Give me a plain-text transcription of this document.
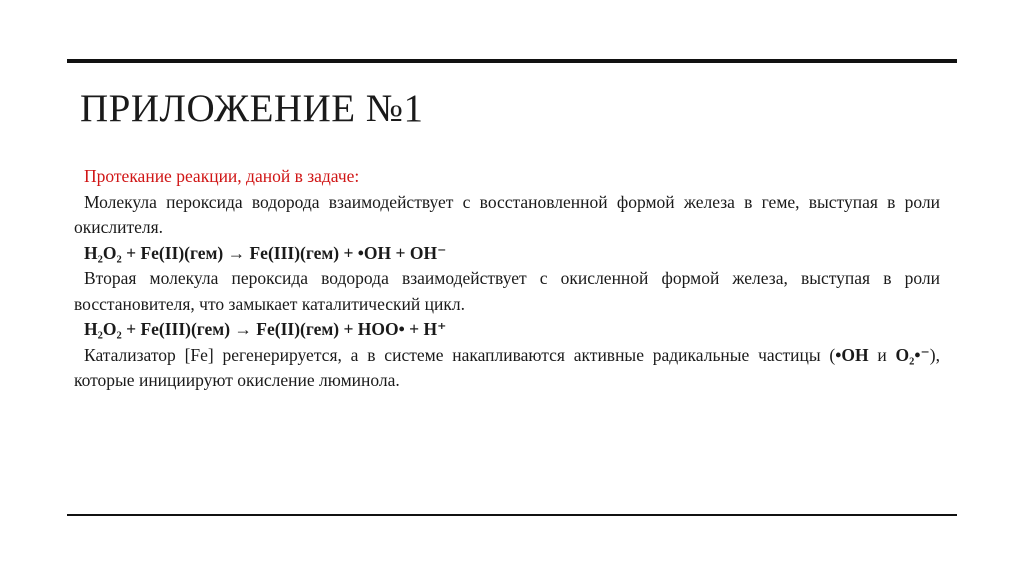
ПРИЛОЖЕНИЕ №1

Протекание реакции, даной в задаче:

Молекула пероксида водорода взаимодействует с восстановленной формой железа в геме, выступая в роли окислителя.

H₂O₂ + Fe(II)(гем) → Fe(III)(гем) + •OH + OH⁻

Вторая молекула пероксида водорода взаимодействует с окисленной формой железа, выступая в роли восстановителя, что замыкает каталитический цикл.

H₂O₂ + Fe(III)(гем) → Fe(II)(гем) + HOO• + H⁺

Катализатор [Fe] регенерируется, а в системе накапливаются активные радикальные частицы (•OH и O₂•⁻), которые инициируют окисление люминола.
